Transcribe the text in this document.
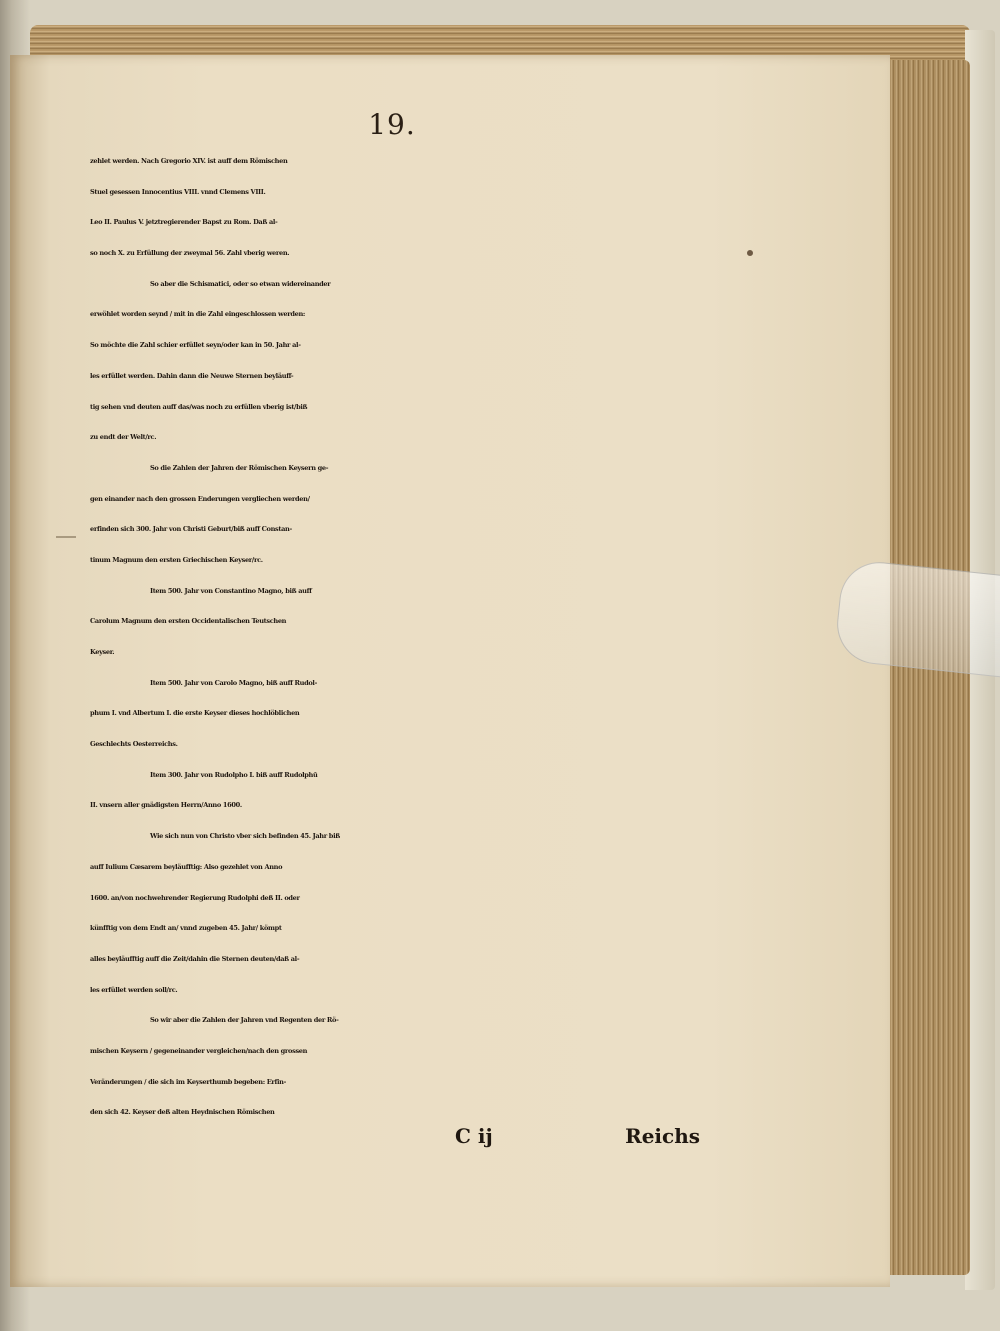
19.
zehlet werden. Nach Gregorio XIV. ist auff dem Römischen
Stuel gesessen Innocentius VIII. vnnd Clemens VIII.
Leo II. Paulus V. jetztregierender Bapst zu Rom. Daß al-
so noch X. zu Erfüllung der zweymal 56. Zahl vberig weren.
So aber die Schismatici, oder so etwan widereinander
erwöhlet worden seynd / mit in die Zahl eingeschlossen werden:
So möchte die Zahl schier erfüllet seyn/oder kan in 50. Jahr al-
les erfüllet werden. Dahin dann die Neuwe Sternen beyläuff-
tig sehen vnd deuten auff das/was noch zu erfüllen vberig ist/biß
zu endt der Welt/rc.
So die Zahlen der Jahren der Römischen Keysern ge-
gen einander nach den grossen Enderungen vergliechen werden/
erfinden sich 300. Jahr von Christi Geburt/biß auff Constan-
tinum Magnum den ersten Griechischen Keyser/rc.
Item 500. Jahr von Constantino Magno, biß auff
Carolum Magnum den ersten Occidentalischen Teutschen
Keyser.
Item 500. Jahr von Carolo Magno, biß auff Rudol-
phum I. vnd Albertum I. die erste Keyser dieses hochlöblichen
Geschlechts Oesterreichs.
Item 300. Jahr von Rudolpho I. biß auff Rudolphū
II. vnsern aller gnädigsten Herrn/Anno 1600.
Wie sich nun von Christo vber sich befinden 45. Jahr biß
auff Iulium Cæsarem beyläufftig: Also gezehlet von Anno
1600. an/von nochwehrender Regierung Rudolphi deß II. oder
künfftig von dem Endt an/ vnnd zugeben 45. Jahr/ kömpt
alles beyläufftig auff die Zeit/dahin die Sternen deuten/daß al-
les erfüllet werden soll/rc.
So wir aber die Zahlen der Jahren vnd Regenten der Rö-
mischen Keysern / gegeneinander vergleichen/nach den grossen
Veränderungen / die sich im Keyserthumb begeben: Erfin-
den sich 42. Keyser deß alten Heydnischen Römischen
C ij	Reichs
